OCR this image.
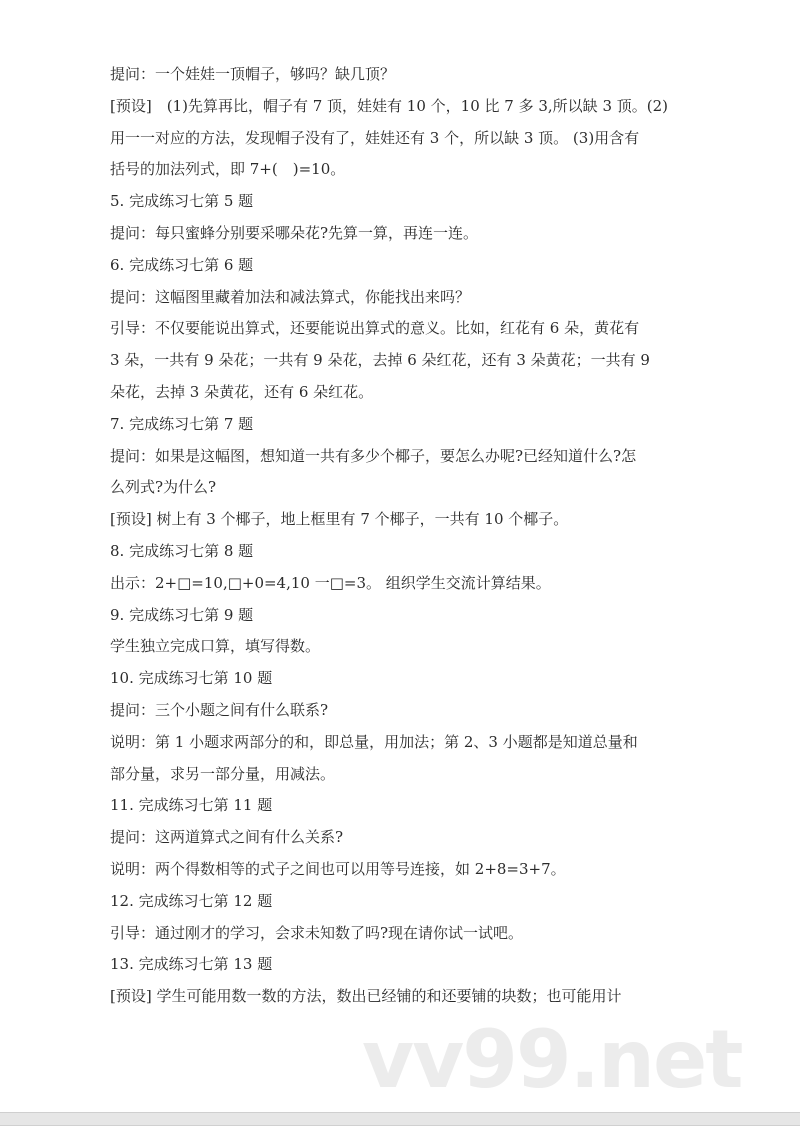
提问：一个娃娃一顶帽子，够吗？缺几顶？
[预设]　(1)先算再比，帽子有 7 顶，娃娃有 10 个，10 比 7 多 3,所以缺 3 顶。(2)
用一一对应的方法，发现帽子没有了，娃娃还有 3 个，所以缺 3 顶。 (3)用含有
括号的加法列式，即 7+(　)=10。
5. 完成练习七第 5 题
提问：每只蜜蜂分别要采哪朵花?先算一算，再连一连。
6. 完成练习七第 6 题
提问：这幅图里藏着加法和减法算式，你能找出来吗？
引导：不仅要能说出算式，还要能说出算式的意义。比如，红花有 6 朵，黄花有
3 朵，一共有 9 朵花；一共有 9 朵花，去掉 6 朵红花，还有 3 朵黄花；一共有 9
朵花，去掉 3 朵黄花，还有 6 朵红花。
7. 完成练习七第 7 题
提问：如果是这幅图，想知道一共有多少个椰子，要怎么办呢?已经知道什么?怎
么列式?为什么?
[预设] 树上有 3 个椰子，地上框里有 7 个椰子，一共有 10 个椰子。
8. 完成练习七第 8 题
出示：2+□=10,□+0=4,10 一□=3。 组织学生交流计算结果。
9. 完成练习七第 9 题
学生独立完成口算，填写得数。
10. 完成练习七第 10 题
提问：三个小题之间有什么联系?
说明：第 1 小题求两部分的和，即总量，用加法；第 2、3 小题都是知道总量和
部分量，求另一部分量，用减法。
11. 完成练习七第 11 题
提问：这两道算式之间有什么关系?
说明：两个得数相等的式子之间也可以用等号连接，如 2+8=3+7。
12. 完成练习七第 12 题
引导：通过刚才的学习，会求未知数了吗?现在请你试一试吧。
13. 完成练习七第 13 题
[预设] 学生可能用数一数的方法，数出已经铺的和还要铺的块数；也可能用计
vv99.net
